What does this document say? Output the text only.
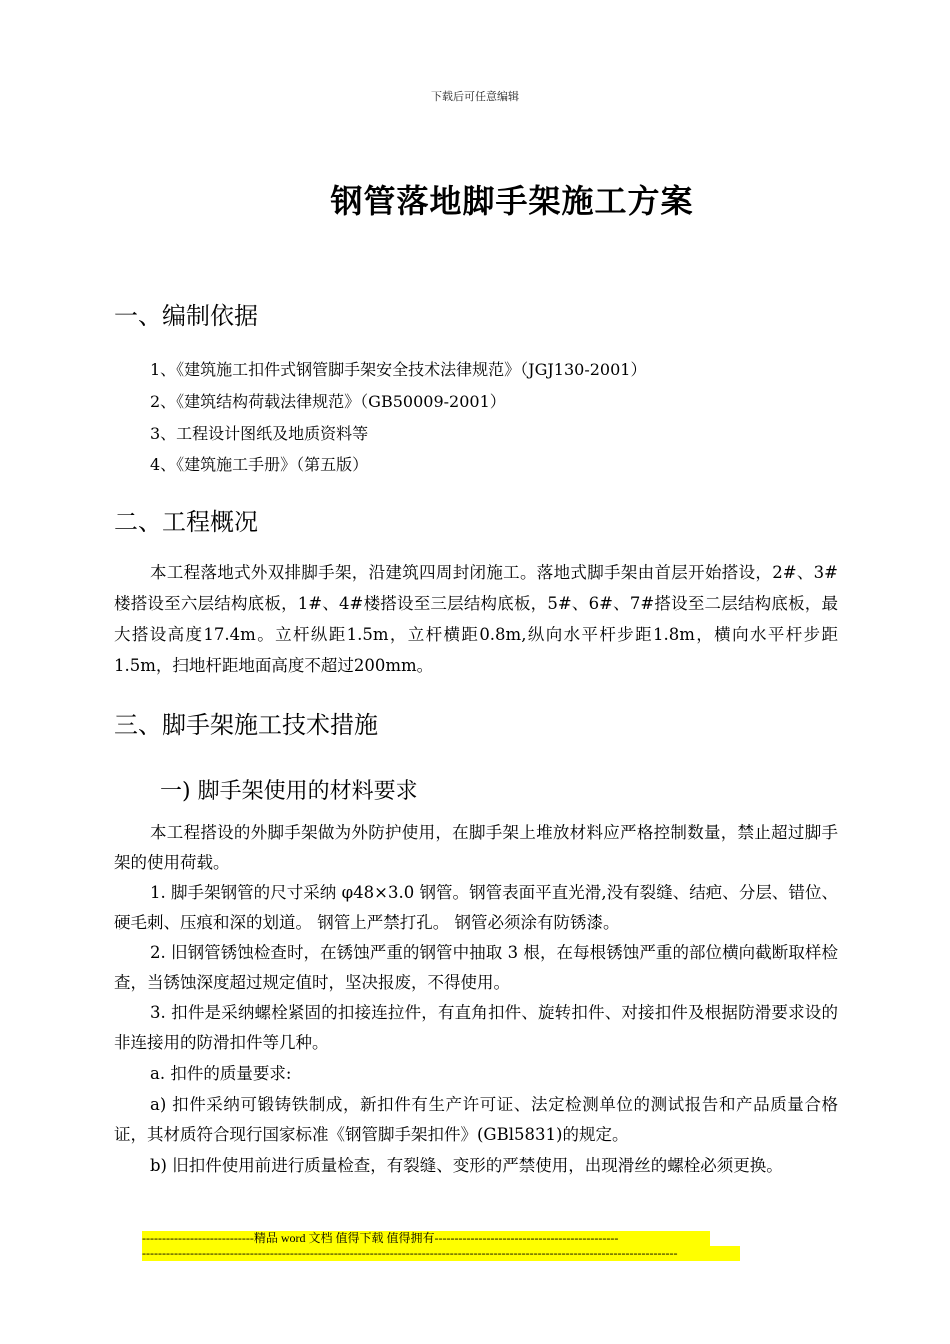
下载后可任意编辑
钢管落地脚手架施工方案
一、编制依据
1、《建筑施工扣件式钢管脚手架安全技术法律规范》（JGJ130-2001）
2、《建筑结构荷载法律规范》（GB50009-2001）
3、工程设计图纸及地质资料等
4、《建筑施工手册》（第五版）
二、工程概况
本工程落地式外双排脚手架，沿建筑四周封闭施工。落地式脚手架由首层开始搭设，2#、3#楼搭设至六层结构底板，1#、4#楼搭设至三层结构底板，5#、6#、7#搭设至二层结构底板，最大搭设高度17.4m。立杆纵距1.5m，立杆横距0.8m,纵向水平杆步距1.8m，横向水平杆步距1.5m，扫地杆距地面高度不超过200mm。
三、脚手架施工技术措施
一) 脚手架使用的材料要求
本工程搭设的外脚手架做为外防护使用，在脚手架上堆放材料应严格控制数量，禁止超过脚手架的使用荷载。
1. 脚手架钢管的尺寸采纳 φ48×3.0 钢管。钢管表面平直光滑,没有裂缝、结疤、分层、错位、硬毛刺、压痕和深的划道。 钢管上严禁打孔。 钢管必须涂有防锈漆。
2. 旧钢管锈蚀检查时，在锈蚀严重的钢管中抽取 3 根，在每根锈蚀严重的部位横向截断取样检查，当锈蚀深度超过规定值时，坚决报废，不得使用。
3. 扣件是采纳螺栓紧固的扣接连拉件，有直角扣件、旋转扣件、对接扣件及根据防滑要求设的非连接用的防滑扣件等几种。
a. 扣件的质量要求:
a) 扣件采纳可锻铸铁制成，新扣件有生产许可证、法定检测单位的测试报告和产品质量合格证，其材质符合现行国家标准《钢管脚手架扣件》(GBl5831)的规定。
b) 旧扣件使用前进行质量检查，有裂缝、变形的严禁使用，出现滑丝的螺栓必须更换。
----------------------------精品 word 文档 值得下载 值得拥有----------------------------------------------
--------------------------------------------------------------------------------------------------------------------------------------
